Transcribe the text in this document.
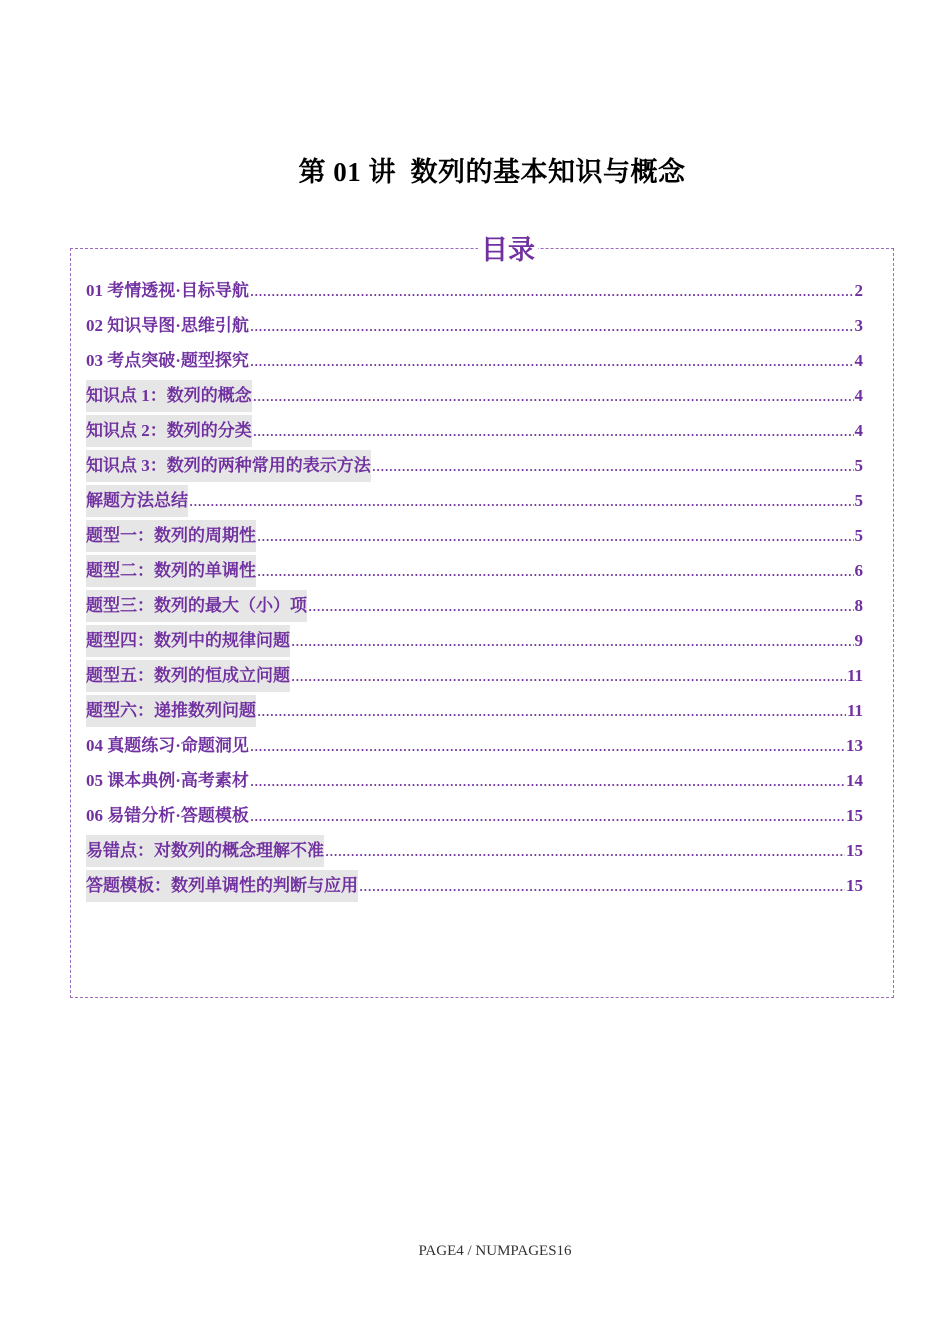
第 01 讲  数列的基本知识与概念
目录
01 考情透视·目标导航 .....	2
02 知识导图·思维引航 .....	3
03 考点突破·题型探究 .....	4
知识点 1：数列的概念 .....	4
知识点 2：数列的分类 .....	4
知识点 3：数列的两种常用的表示方法 .....	5
解题方法总结 .....	5
题型一：数列的周期性 .....	5
题型二：数列的单调性 .....	6
题型三：数列的最大（小）项 .....	8
题型四：数列中的规律问题 .....	9
题型五：数列的恒成立问题 .....	11
题型六：递推数列问题 .....	11
04 真题练习·命题洞见 .....	13
05 课本典例·高考素材 .....	14
06 易错分析·答题模板 .....	15
易错点：对数列的概念理解不准 .....	15
答题模板：数列单调性的判断与应用 .....	15
PAGE4 / NUMPAGES16
